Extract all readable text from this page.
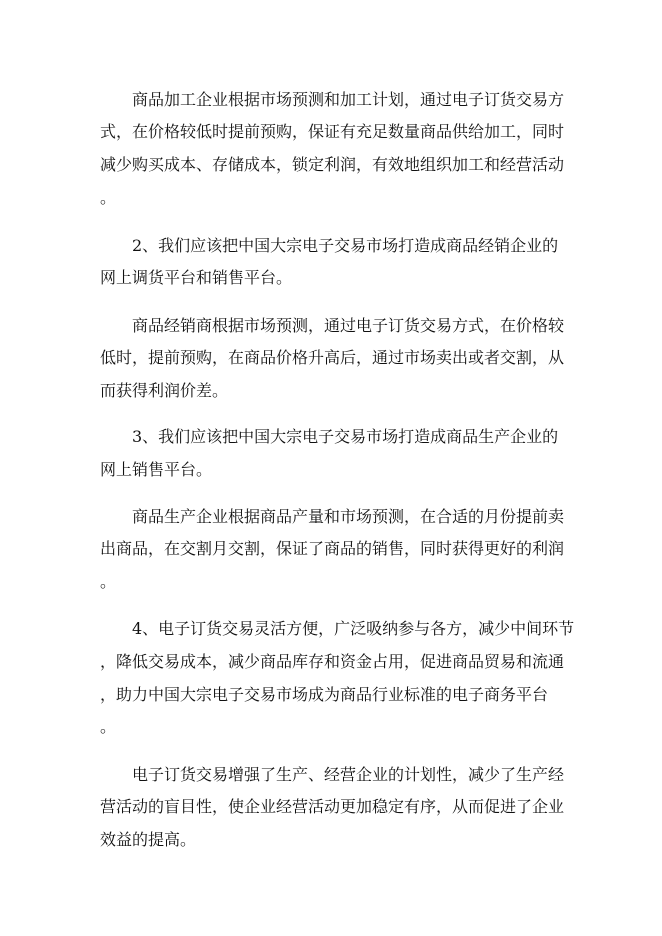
商品加工企业根据市场预测和加工计划，通过电子订货交易方
式，在价格较低时提前预购，保证有充足数量商品供给加工，同时
减少购买成本、存储成本，锁定利润，有效地组织加工和经营活动
。
2、我们应该把中国大宗电子交易市场打造成商品经销企业的
网上调货平台和销售平台。
商品经销商根据市场预测，通过电子订货交易方式，在价格较
低时，提前预购，在商品价格升高后，通过市场卖出或者交割，从
而获得利润价差。
3、我们应该把中国大宗电子交易市场打造成商品生产企业的
网上销售平台。
商品生产企业根据商品产量和市场预测，在合适的月份提前卖
出商品，在交割月交割，保证了商品的销售，同时获得更好的利润
。
4、电子订货交易灵活方便，广泛吸纳参与各方，减少中间环节
，降低交易成本，减少商品库存和资金占用，促进商品贸易和流通
，助力中国大宗电子交易市场成为商品行业标准的电子商务平台
。
电子订货交易增强了生产、经营企业的计划性，减少了生产经
营活动的盲目性，使企业经营活动更加稳定有序，从而促进了企业
效益的提高。
